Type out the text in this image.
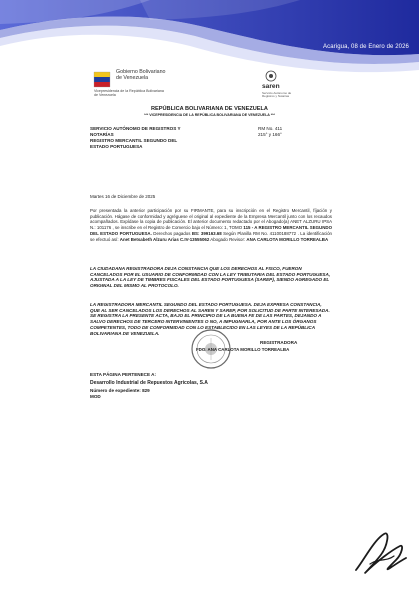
Acarigua, 08 de Enero de 2026
Gobierno Bolivariano de Venezuela
Vicepresidencia de la República Bolivariana de Venezuela
saren
Servicio Autónomo de Registros y Notarías
REPÚBLICA BOLIVARIANA DE VENEZUELA
*** VICEPRESIDENCIA DE LA REPÚBLICA BOLIVARIANA DE VENEZUELA ***
SERVICIO AUTÓNOMO DE REGISTROS Y
NOTARÍAS
REGISTRO MERCANTIL SEGUNDO DEL
ESTADO PORTUGUESA
RM No. 411
215° y 166°
Martes 16 de Diciembre de 2025
Por presentada la anterior participación por su FIRMANTE, para su inscripción en el Registro Mercantil, fíjación y publicación. Hágase de conformidad y agréguese el original al expediente de la Empresa Mercantil junto con los recaudos acompañados. Expídase la copia de publicación. El anterior documento redactado por el Abogado(a) ANET ALZURU IPSA N.: 101176 , se inscribe en el Registro de Comercio bajo el Número: 1, TOMO 115 - A REGISTRO MERCANTIL SEGUNDO DEL ESTADO PORTUGUESA. Derechos pagados BS: 399163.68 Según Planilla RM No. 41100188772 . La identificación se efectuó así: Anet Betsabeth Alzuru Arias C.IV-13555062 Abogado Revisor: ANA CARLOTA MORILLO TORREALBA
LA CIUDADANA REGISTRADORA DEJA CONSTANCIA QUE LOS DERECHOS AL FISCO, FUERON CANCELADOS POR EL USUARIO DE CONFORMIDAD CON LA LEY TRIBUTARIA DEL ESTADO PORTUGUESA, AJUSTADA A LA LEY DE TIMBRES FISCALES DEL ESTADO PORTUGUESA (SAREP), SIENDO AGREGADO EL ORIGINAL DEL MISMO AL PROTOCOLO.
LA REGISTRADORA MERCANTIL SEGUNDO DEL ESTADO PORTUGUESA. DEJA EXPRESA CONSTANCIA, QUE AL SER CANCELADOS LOS DERECHOS AL SAREN Y SAREP, POR SOLICITUD DE PARTE INTERESADA. SE REGISTRA LA PRESENTE ACTA, BAJO EL PRINCIPIO DE LA BUENA FE DE LAS PARTES, DEJANDO A SALVO DERECHOS DE TERCERO INTERVINIENTES O NO, A IMPUGNARLA, POR ANTE LOS ÓRGANOS COMPETENTES, TODO DE CONFORMIDAD CON LO ESTABLECIDO EN LAS LEYES DE LA REPÚBLICA BOLIVARIANA DE VENEZUELA.
REGISTRADORA
FDO. ANA CARLOTA MORILLO TORREALBA
ESTA PÁGINA PERTENECE A:
Desarrollo Industrial de Repuestos Agrícolas, S.A
Número de expediente: 829
MOD
